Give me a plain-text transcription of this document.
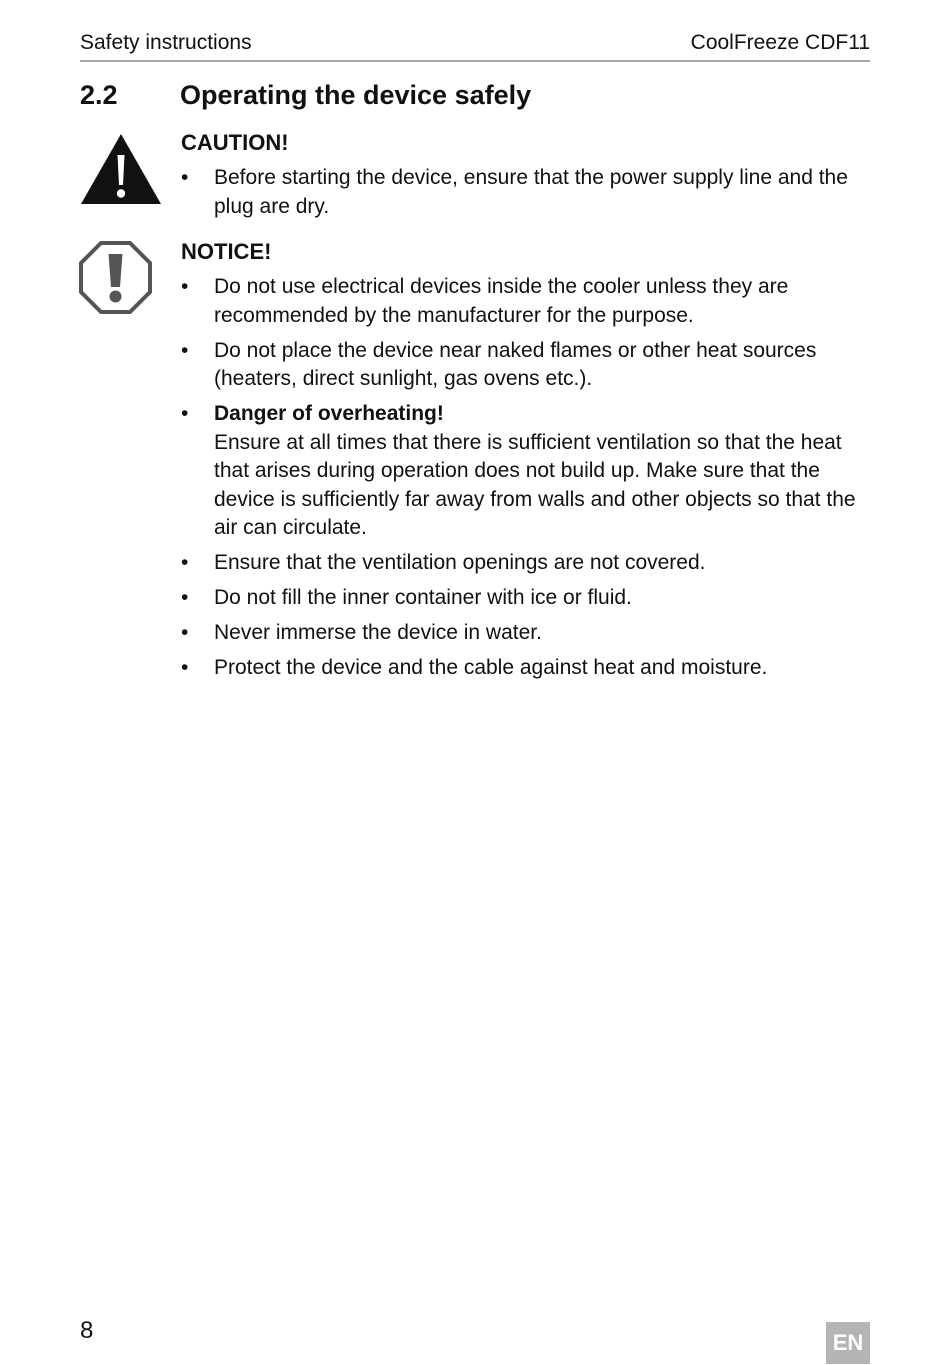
Safety instructions	CoolFreeze CDF11
2.2 Operating the device safely
CAUTION!
• Before starting the device, ensure that the power supply line and the plug are dry.
NOTICE!
• Do not use electrical devices inside the cooler unless they are recommended by the manufacturer for the purpose.
• Do not place the device near naked flames or other heat sources (heaters, direct sunlight, gas ovens etc.).
• Danger of overheating!
Ensure at all times that there is sufficient ventilation so that the heat that arises during operation does not build up. Make sure that the device is sufficiently far away from walls and other objects so that the air can circulate.
• Ensure that the ventilation openings are not covered.
• Do not fill the inner container with ice or fluid.
• Never immerse the device in water.
• Protect the device and the cable against heat and moisture.
8	EN
